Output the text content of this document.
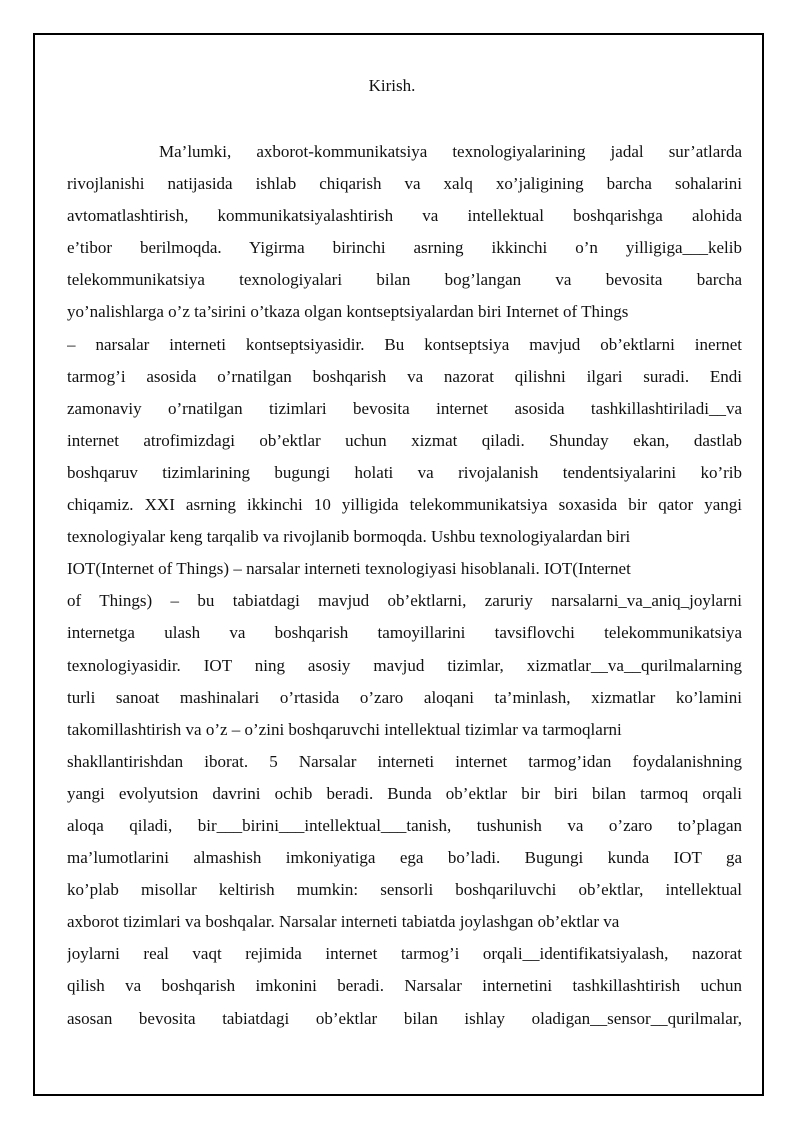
Kirish.
Ma’lumki, axborot-kommunikatsiya texnologiyalarining jadal sur’atlarda
rivojlanishi natijasida ishlab chiqarish va xalq xo’jaligining barcha sohalarini
avtomatlashtirish, kommunikatsiyalashtirish va intellektual boshqarishga alohida
e’tibor berilmoqda. Yigirma birinchi asrning ikkinchi o’n yilligiga___kelib
telekommunikatsiya texnologiyalari bilan bog’langan va bevosita barcha
yo’nalishlarga o’z ta’sirini o’tkaza olgan kontseptsiyalardan biri Internet of Things
– narsalar interneti kontseptsiyasidir. Bu kontseptsiya mavjud ob’ektlarni inernet
tarmog’i asosida o’rnatilgan boshqarish va nazorat qilishni ilgari suradi. Endi
zamonaviy o’rnatilgan tizimlari bevosita internet asosida tashkillashtiriladi__va
internet atrofimizdagi ob’ektlar uchun xizmat qiladi. Shunday ekan, dastlab
boshqaruv tizimlarining bugungi holati va rivojalanish tendentsiyalarini ko’rib
chiqamiz. XXI asrning ikkinchi 10 yilligida telekommunikatsiya soxasida bir qator yangi
texnologiyalar keng tarqalib va rivojlanib bormoqda. Ushbu texnologiyalardan biri
IOT(Internet of Things) – narsalar interneti texnologiyasi hisoblanali. IOT(Internet
of Things) – bu tabiatdagi mavjud ob’ektlarni, zaruriy narsalarni_va_aniq_joylarni
internetga ulash va boshqarish tamoyillarini tavsiflovchi telekommunikatsiya
texnologiyasidir. IOT ning asosiy mavjud tizimlar, xizmatlar__va__qurilmalarning
turli sanoat mashinalari o’rtasida o’zaro aloqani ta’minlash, xizmatlar ko’lamini
takomillashtirish va o’z – o’zini boshqaruvchi intellektual tizimlar va tarmoqlarni
shakllantirishdan iborat. 5 Narsalar interneti internet tarmog’idan foydalanishning
yangi evolyutsion davrini ochib beradi. Bunda ob’ektlar bir biri bilan tarmoq orqali
aloqa qiladi, bir___birini___intellektual___tanish, tushunish va o’zaro to’plagan
ma’lumotlarini almashish imkoniyatiga ega bo’ladi. Bugungi kunda IOT ga
ko’plab misollar keltirish mumkin: sensorli boshqariluvchi ob’ektlar, intellektual
axborot tizimlari va boshqalar. Narsalar interneti tabiatda joylashgan ob’ektlar va
joylarni real vaqt rejimida internet tarmog’i orqali__identifikatsiyalash, nazorat
qilish va boshqarish imkonini beradi. Narsalar internetini tashkillashtirish uchun
asosan bevosita tabiatdagi ob’ektlar bilan ishlay oladigan__sensor__qurilmalar,
